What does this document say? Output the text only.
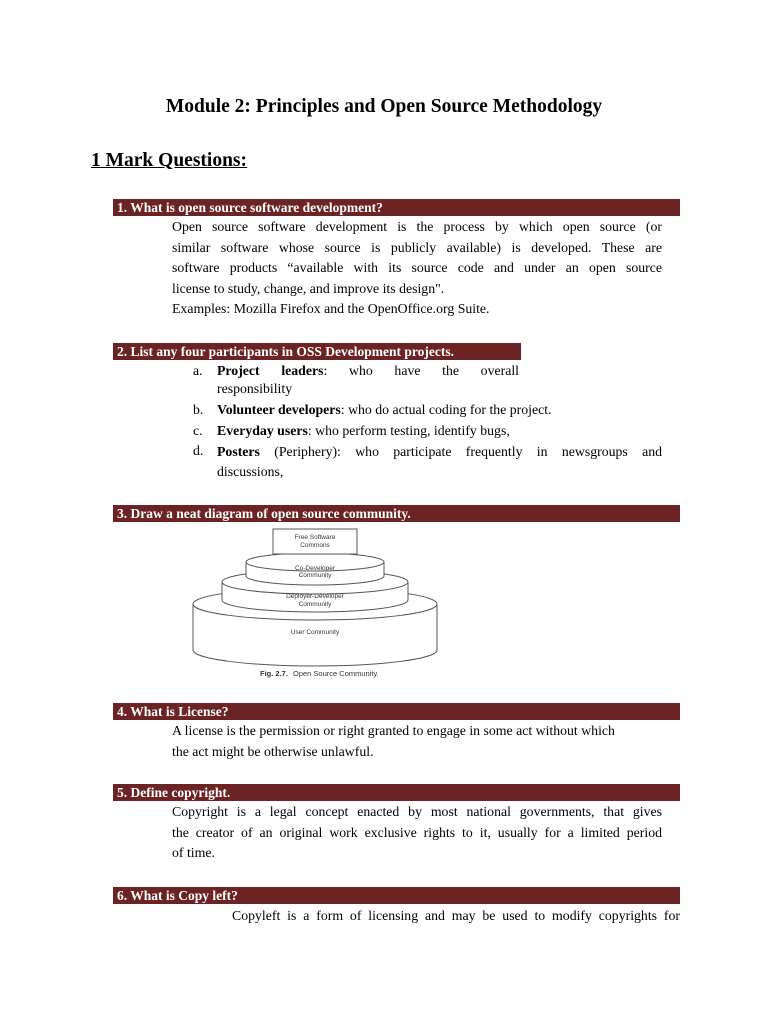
Module 2: Principles and Open Source Methodology
1 Mark Questions:
1. What is open source software development?
Open source software development is the process by which open source (or
similar software whose source is publicly available) is developed. These are
software products “available with its source code and under an open source
license to study, change, and improve its design".
Examples: Mozilla Firefox and the OpenOffice.org Suite.
2. List any four participants in OSS Development projects.
a. Project leaders: who have the overall
responsibility
b. Volunteer developers: who do actual coding for the project.
c. Everyday users: who perform testing, identify bugs,
d. Posters (Periphery): who participate frequently in newsgroups and
discussions,
3. Draw a neat diagram of open source community.
Free Software
Commons
Co-Developer
Community
Deployer-Developer
Community
User Community
Fig. 2.7. Open Source Community.
4. What is License?
A license is the permission or right granted to engage in some act without which
the act might be otherwise unlawful.
5. Define copyright.
Copyright is a legal concept enacted by most national governments, that gives
the creator of an original work exclusive rights to it, usually for a limited period
of time.
6. What is Copy left?
Copyleft is a form of licensing and may be used to modify copyrights for
